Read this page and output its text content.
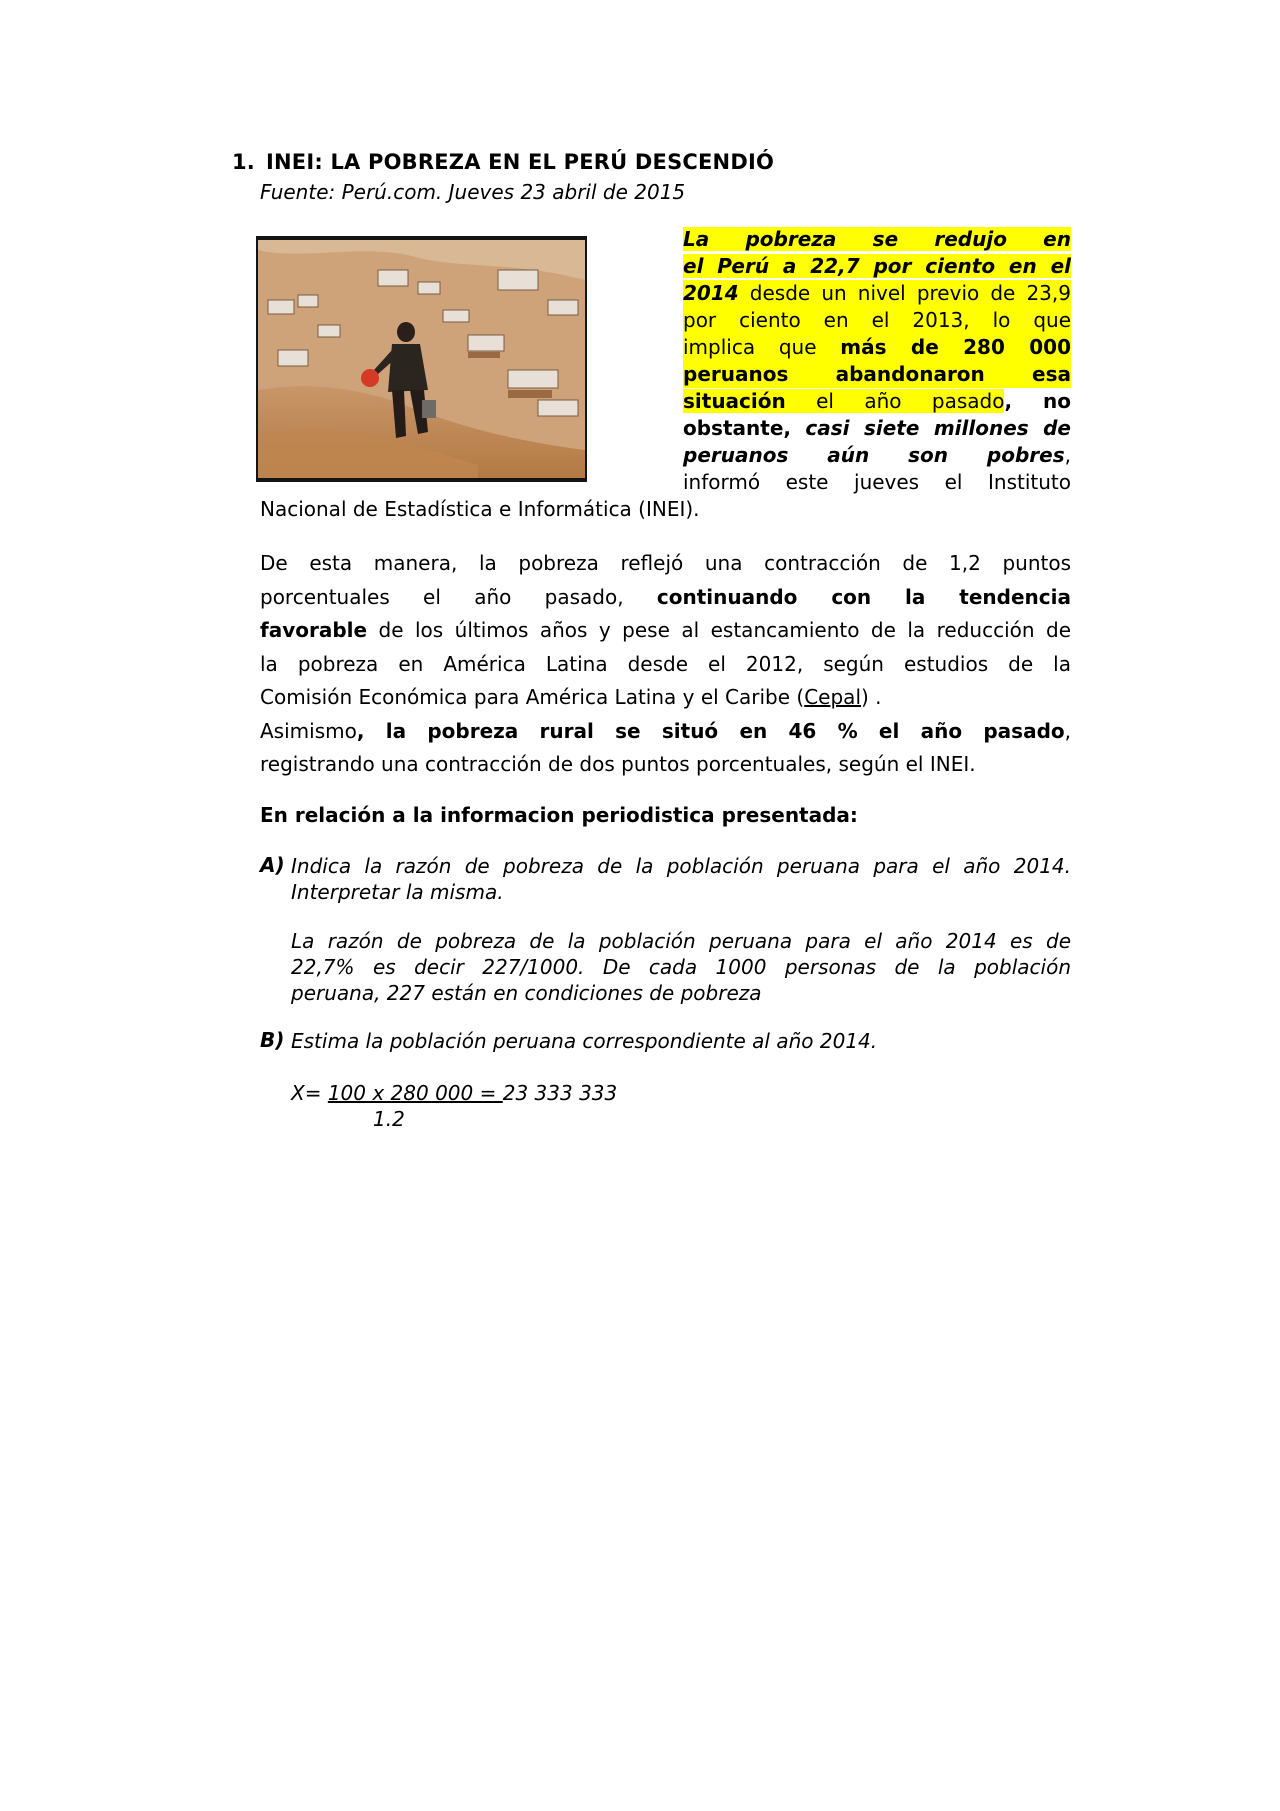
1. INEI: LA POBREZA EN EL PERÚ DESCENDIÓ
Fuente: Perú.com. Jueves 23 abril de 2015
La pobreza se redujo en
el Perú a 22,7 por ciento en el
2014 desde un nivel previo de 23,9
por ciento en el 2013, lo que
implica que más de 280 000
peruanos abandonaron esa
situación el año pasado, no
obstante, casi siete millones de
peruanos aún son pobres,
informó este jueves el Instituto
Nacional de Estadística e Informática (INEI).
De esta manera, la pobreza reflejó una contracción de 1,2 puntos
porcentuales el año pasado, continuando con la tendencia
favorable de los últimos años y pese al estancamiento de la reducción de
la pobreza en América Latina desde el 2012, según estudios de la
Comisión Económica para América Latina y el Caribe (Cepal) .
Asimismo, la pobreza rural se situó en 46 % el año pasado,
registrando una contracción de dos puntos porcentuales, según el INEI.
En relación a la informacion periodistica presentada:
A) Indica la razón de pobreza de la población peruana para el año 2014.
Interpretar la misma.
La razón de pobreza de la población peruana para el año 2014 es de
22,7% es decir 227/1000. De cada 1000 personas de la población
peruana, 227 están en condiciones de pobreza
B) Estima la población peruana correspondiente al año 2014.
X= 100 x 280 000 = 23 333 333
1.2
